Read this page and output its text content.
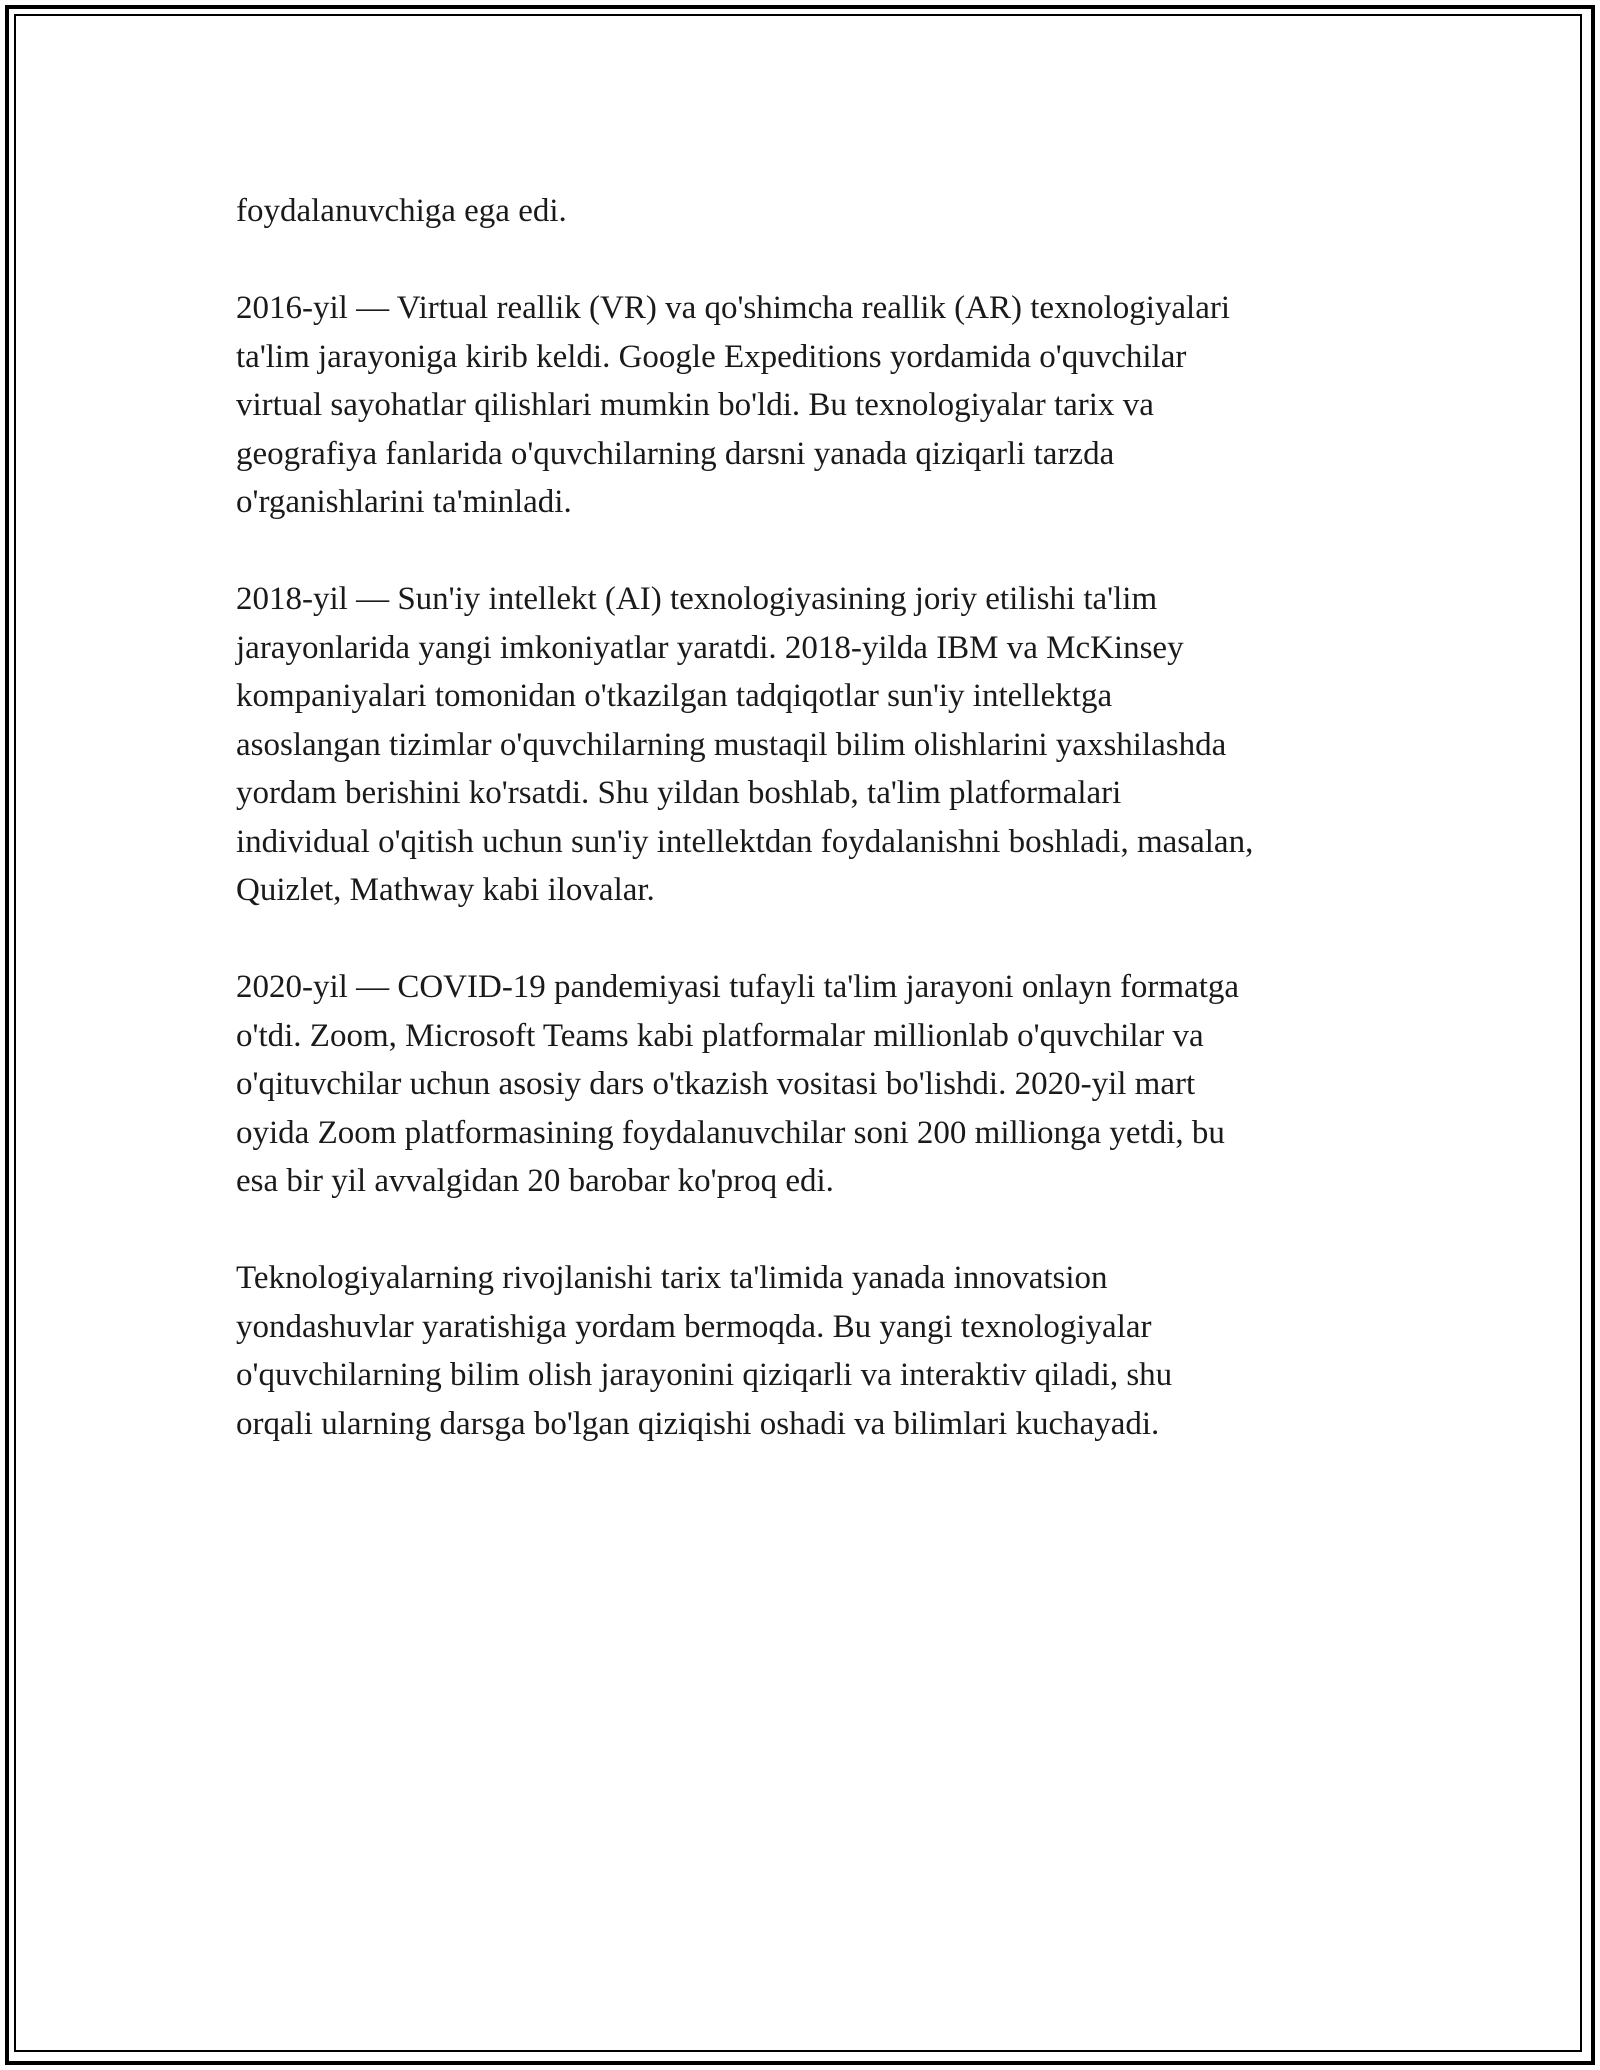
foydalanuvchiga ega edi.

2016-yil — Virtual reallik (VR) va qo'shimcha reallik (AR) texnologiyalari
ta'lim jarayoniga kirib keldi. Google Expeditions yordamida o'quvchilar
virtual sayohatlar qilishlari mumkin bo'ldi. Bu texnologiyalar tarix va
geografiya fanlarida o'quvchilarning darsni yanada qiziqarli tarzda
o'rganishlarini ta'minladi.

2018-yil — Sun'iy intellekt (AI) texnologiyasining joriy etilishi ta'lim
jarayonlarida yangi imkoniyatlar yaratdi. 2018-yilda IBM va McKinsey
kompaniyalari tomonidan o'tkazilgan tadqiqotlar sun'iy intellektga
asoslangan tizimlar o'quvchilarning mustaqil bilim olishlarini yaxshilashda
yordam berishini ko'rsatdi. Shu yildan boshlab, ta'lim platformalari
individual o'qitish uchun sun'iy intellektdan foydalanishni boshladi, masalan,
Quizlet, Mathway kabi ilovalar.

2020-yil — COVID-19 pandemiyasi tufayli ta'lim jarayoni onlayn formatga
o'tdi. Zoom, Microsoft Teams kabi platformalar millionlab o'quvchilar va
o'qituvchilar uchun asosiy dars o'tkazish vositasi bo'lishdi. 2020-yil mart
oyida Zoom platformasining foydalanuvchilar soni 200 millionga yetdi, bu
esa bir yil avvalgidan 20 barobar ko'proq edi.

Teknologiyalarning rivojlanishi tarix ta'limida yanada innovatsion
yondashuvlar yaratishiga yordam bermoqda. Bu yangi texnologiyalar
o'quvchilarning bilim olish jarayonini qiziqarli va interaktiv qiladi, shu
orqali ularning darsga bo'lgan qiziqishi oshadi va bilimlari kuchayadi.
